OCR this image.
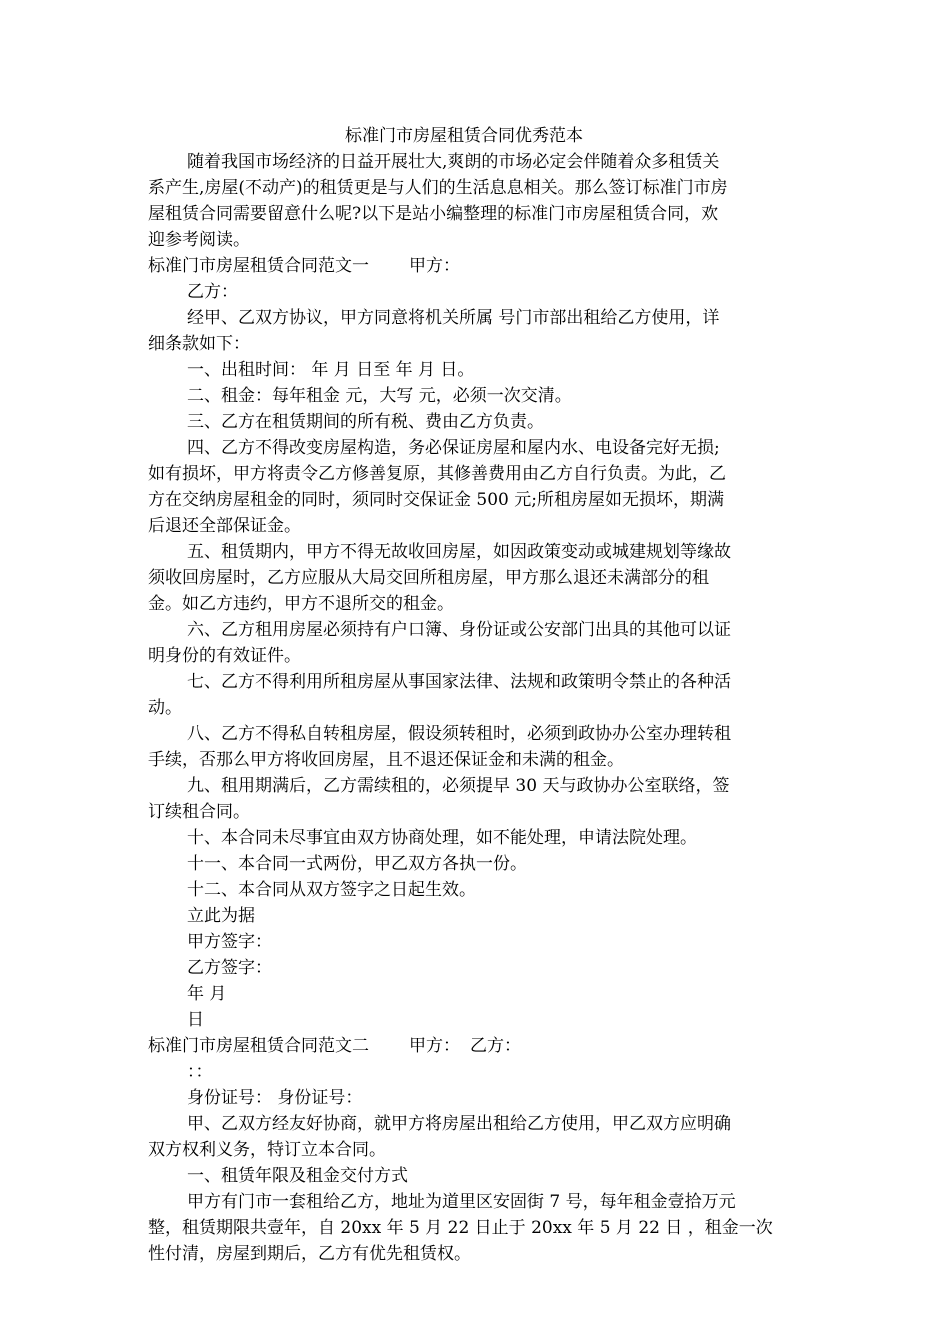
标准门市房屋租赁合同优秀范本
随着我国市场经济的日益开展壮大,爽朗的市场必定会伴随着众多租赁关
系产生,房屋(不动产)的租赁更是与人们的生活息息相关。那么签订标准门市房
屋租赁合同需要留意什么呢?以下是站小编整理的标准门市房屋租赁合同，欢
迎参考阅读。
标准门市房屋租赁合同范文一 甲方：
乙方：
经甲、乙双方协议，甲方同意将机关所属 号门市部出租给乙方使用，详
细条款如下：
一、出租时间： 年 月 日至 年 月 日。
二、租金：每年租金 元，大写 元，必须一次交清。
三、乙方在租赁期间的所有税、费由乙方负责。
四、乙方不得改变房屋构造，务必保证房屋和屋内水、电设备完好无损;
如有损坏，甲方将责令乙方修善复原，其修善费用由乙方自行负责。为此，乙
方在交纳房屋租金的同时，须同时交保证金 500 元;所租房屋如无损坏，期满
后退还全部保证金。
五、租赁期内，甲方不得无故收回房屋，如因政策变动或城建规划等缘故
须收回房屋时，乙方应服从大局交回所租房屋，甲方那么退还未满部分的租
金。如乙方违约，甲方不退所交的租金。
六、乙方租用房屋必须持有户口簿、身份证或公安部门出具的其他可以证
明身份的有效证件。
七、乙方不得利用所租房屋从事国家法律、法规和政策明令禁止的各种活
动。
八、乙方不得私自转租房屋，假设须转租时，必须到政协办公室办理转租
手续，否那么甲方将收回房屋，且不退还保证金和未满的租金。
九、租用期满后，乙方需续租的，必须提早 30 天与政协办公室联络，签
订续租合同。
十、本合同未尽事宜由双方协商处理，如不能处理，申请法院处理。
十一、本合同一式两份，甲乙双方各执一份。
十二、本合同从双方签字之日起生效。
立此为据
甲方签字：
乙方签字：
年 月
日
标准门市房屋租赁合同范文二 甲方： 乙方：
：：
身份证号： 身份证号：
甲、乙双方经友好协商，就甲方将房屋出租给乙方使用，甲乙双方应明确
双方权利义务，特订立本合同。
一、租赁年限及租金交付方式
甲方有门市一套租给乙方，地址为道里区安固街 7 号，每年租金壹拾万元
整，租赁期限共壹年，自 20xx 年 5 月 22 日止于 20xx 年 5 月 22 日 ，租金一次
性付清，房屋到期后，乙方有优先租赁权。
